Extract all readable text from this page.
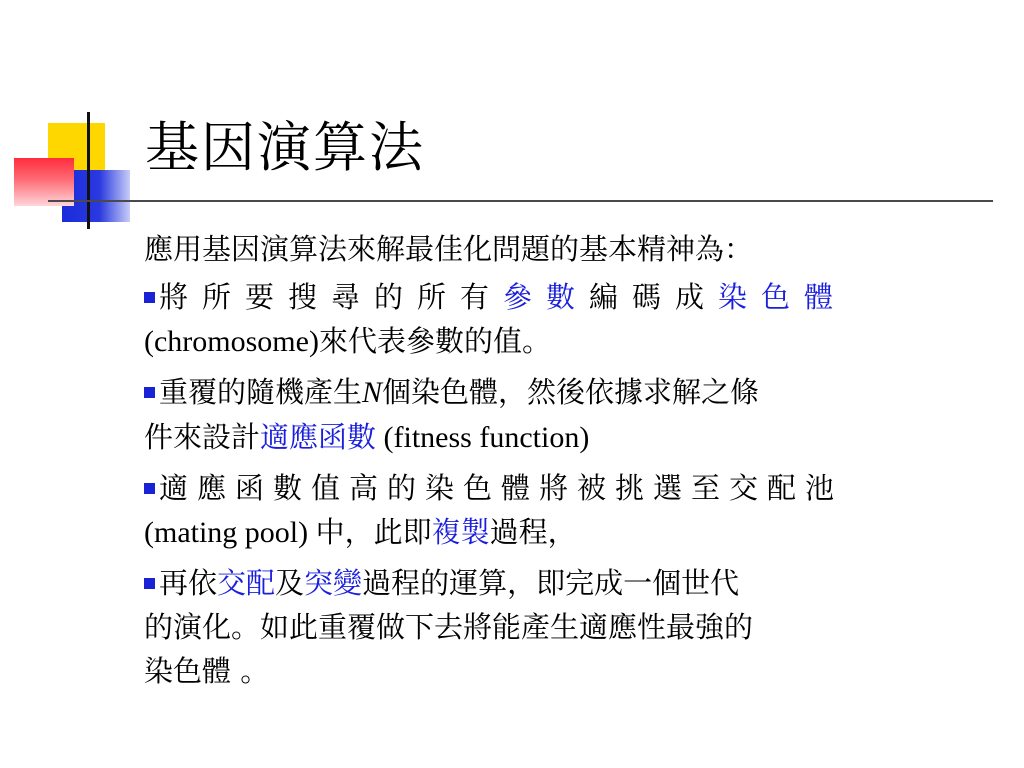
基因演算法

應用基因演算法來解最佳化問題的基本精神為：

將所要搜尋的所有參數編碼成染色體
(chromosome)來代表參數的值。

重覆的隨機產生N個染色體，然後依據求解之條
件來設計適應函數 (fitness function)

適應函數值高的染色體將被挑選至交配池
(mating pool) 中，此即複製過程，

再依交配及突變過程的運算，即完成一個世代
的演化。如此重覆做下去將能產生適應性最強的
染色體 。
